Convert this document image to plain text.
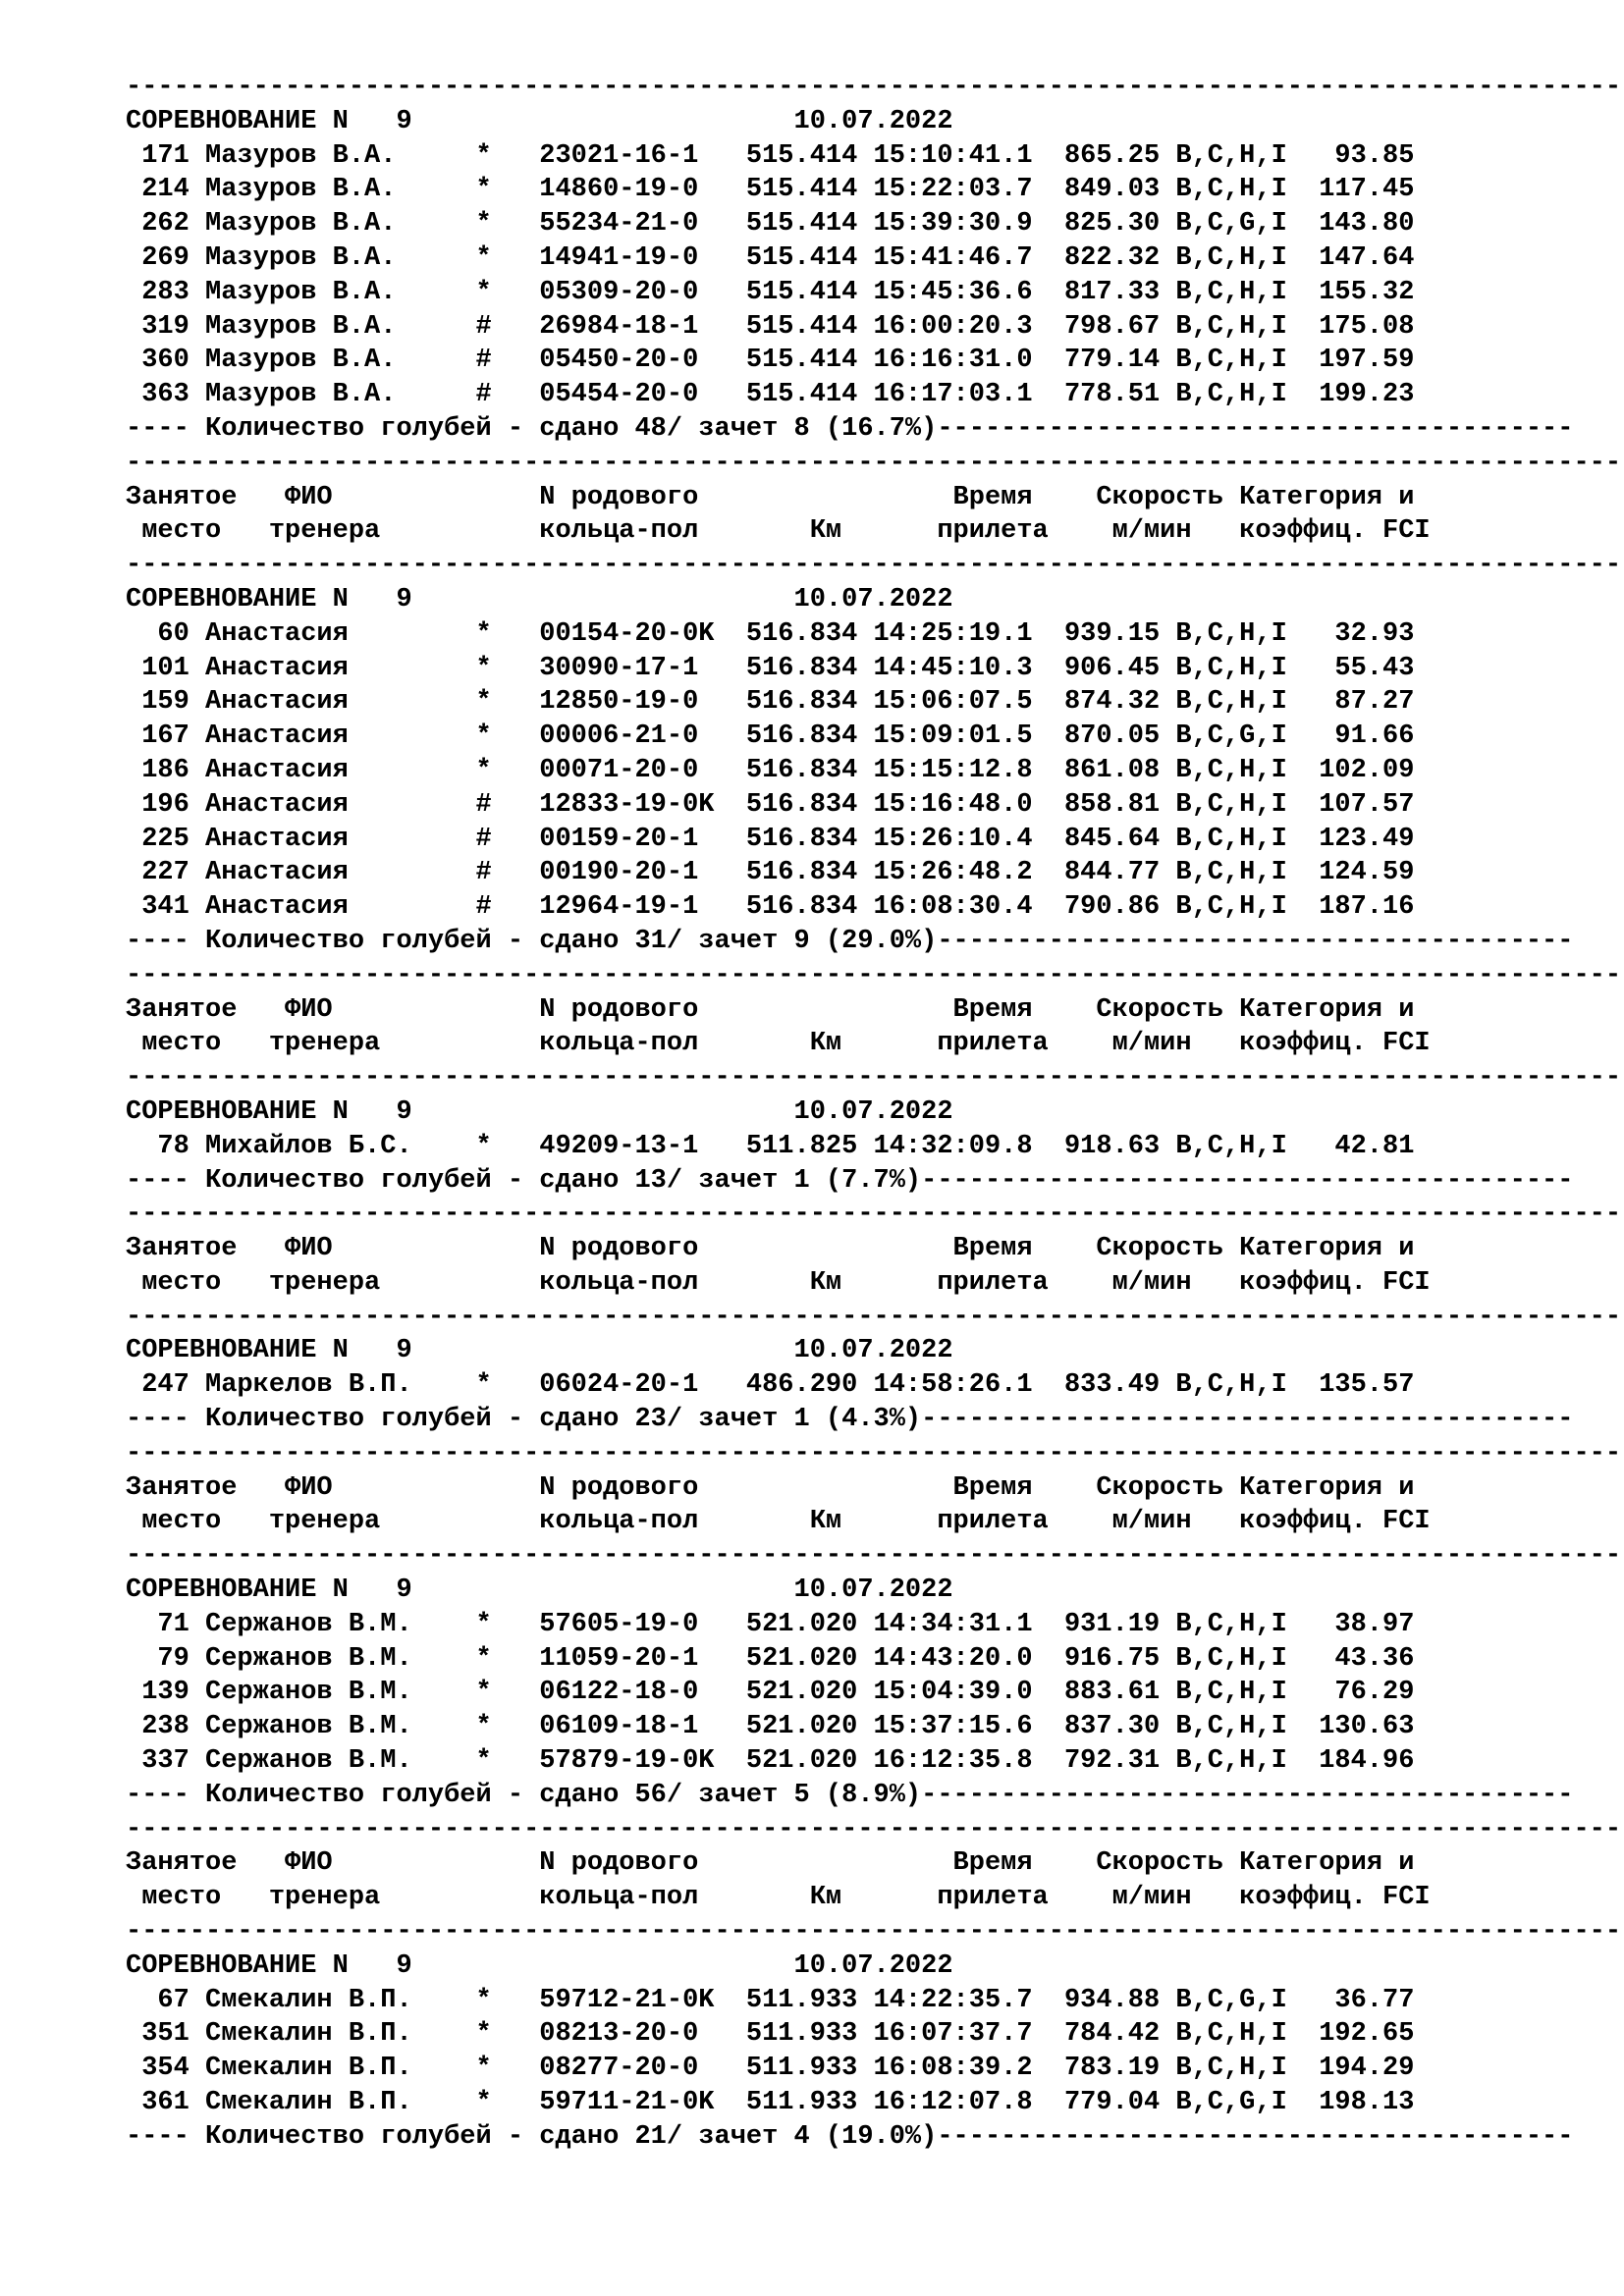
----------------------------------------------------------------------------------------------
СОРЕВНОВАНИЕ N   9                        10.07.2022
171 Мазуров В.А.     *   23021-16-1   515.414 15:10:41.1  865.25 B,C,H,I   93.85
214 Мазуров В.А.     *   14860-19-0   515.414 15:22:03.7  849.03 B,C,H,I  117.45
262 Мазуров В.А.     *   55234-21-0   515.414 15:39:30.9  825.30 B,C,G,I  143.80
269 Мазуров В.А.     *   14941-19-0   515.414 15:41:46.7  822.32 B,C,H,I  147.64
283 Мазуров В.А.     *   05309-20-0   515.414 15:45:36.6  817.33 B,C,H,I  155.32
319 Мазуров В.А.     #   26984-18-1   515.414 16:00:20.3  798.67 B,C,H,I  175.08
360 Мазуров В.А.     #   05450-20-0   515.414 16:16:31.0  779.14 B,C,H,I  197.59
363 Мазуров В.А.     #   05454-20-0   515.414 16:17:03.1  778.51 B,C,H,I  199.23
---- Количество голубей - сдано 48/ зачет 8 (16.7%)----------------------------------------
----------------------------------------------------------------------------------------------
Занятое   ФИО             N родового                Время    Скорость Категория и
место   тренера          кольца-пол       Км      прилета    м/мин   коэффиц. FCI
----------------------------------------------------------------------------------------------
СОРЕВНОВАНИЕ N   9                        10.07.2022
60 Анастасия        *   00154-20-0K  516.834 14:25:19.1  939.15 B,C,H,I   32.93
101 Анастасия        *   30090-17-1   516.834 14:45:10.3  906.45 B,C,H,I   55.43
159 Анастасия        *   12850-19-0   516.834 15:06:07.5  874.32 B,C,H,I   87.27
167 Анастасия        *   00006-21-0   516.834 15:09:01.5  870.05 B,C,G,I   91.66
186 Анастасия        *   00071-20-0   516.834 15:15:12.8  861.08 B,C,H,I  102.09
196 Анастасия        #   12833-19-0K  516.834 15:16:48.0  858.81 B,C,H,I  107.57
225 Анастасия        #   00159-20-1   516.834 15:26:10.4  845.64 B,C,H,I  123.49
227 Анастасия        #   00190-20-1   516.834 15:26:48.2  844.77 B,C,H,I  124.59
341 Анастасия        #   12964-19-1   516.834 16:08:30.4  790.86 B,C,H,I  187.16
---- Количество голубей - сдано 31/ зачет 9 (29.0%)----------------------------------------
----------------------------------------------------------------------------------------------
Занятое   ФИО             N родового                Время    Скорость Категория и
место   тренера          кольца-пол       Км      прилета    м/мин   коэффиц. FCI
----------------------------------------------------------------------------------------------
СОРЕВНОВАНИЕ N   9                        10.07.2022
78 Михайлов Б.С.    *   49209-13-1   511.825 14:32:09.8  918.63 B,C,H,I   42.81
---- Количество голубей - сдано 13/ зачет 1 (7.7%)-----------------------------------------
----------------------------------------------------------------------------------------------
Занятое   ФИО             N родового                Время    Скорость Категория и
место   тренера          кольца-пол       Км      прилета    м/мин   коэффиц. FCI
----------------------------------------------------------------------------------------------
СОРЕВНОВАНИЕ N   9                        10.07.2022
247 Маркелов В.П.    *   06024-20-1   486.290 14:58:26.1  833.49 B,C,H,I  135.57
---- Количество голубей - сдано 23/ зачет 1 (4.3%)-----------------------------------------
----------------------------------------------------------------------------------------------
Занятое   ФИО             N родового                Время    Скорость Категория и
место   тренера          кольца-пол       Км      прилета    м/мин   коэффиц. FCI
----------------------------------------------------------------------------------------------
СОРЕВНОВАНИЕ N   9                        10.07.2022
71 Сержанов В.М.    *   57605-19-0   521.020 14:34:31.1  931.19 B,C,H,I   38.97
79 Сержанов В.М.    *   11059-20-1   521.020 14:43:20.0  916.75 B,C,H,I   43.36
139 Сержанов В.М.    *   06122-18-0   521.020 15:04:39.0  883.61 B,C,H,I   76.29
238 Сержанов В.М.    *   06109-18-1   521.020 15:37:15.6  837.30 B,C,H,I  130.63
337 Сержанов В.М.    *   57879-19-0K  521.020 16:12:35.8  792.31 B,C,H,I  184.96
---- Количество голубей - сдано 56/ зачет 5 (8.9%)-----------------------------------------
----------------------------------------------------------------------------------------------
Занятое   ФИО             N родового                Время    Скорость Категория и
место   тренера          кольца-пол       Км      прилета    м/мин   коэффиц. FCI
----------------------------------------------------------------------------------------------
СОРЕВНОВАНИЕ N   9                        10.07.2022
67 Смекалин В.П.    *   59712-21-0K  511.933 14:22:35.7  934.88 B,C,G,I   36.77
351 Смекалин В.П.    *   08213-20-0   511.933 16:07:37.7  784.42 B,C,H,I  192.65
354 Смекалин В.П.    *   08277-20-0   511.933 16:08:39.2  783.19 B,C,H,I  194.29
361 Смекалин В.П.    *   59711-21-0K  511.933 16:12:07.8  779.04 B,C,G,I  198.13
---- Количество голубей - сдано 21/ зачет 4 (19.0%)----------------------------------------
